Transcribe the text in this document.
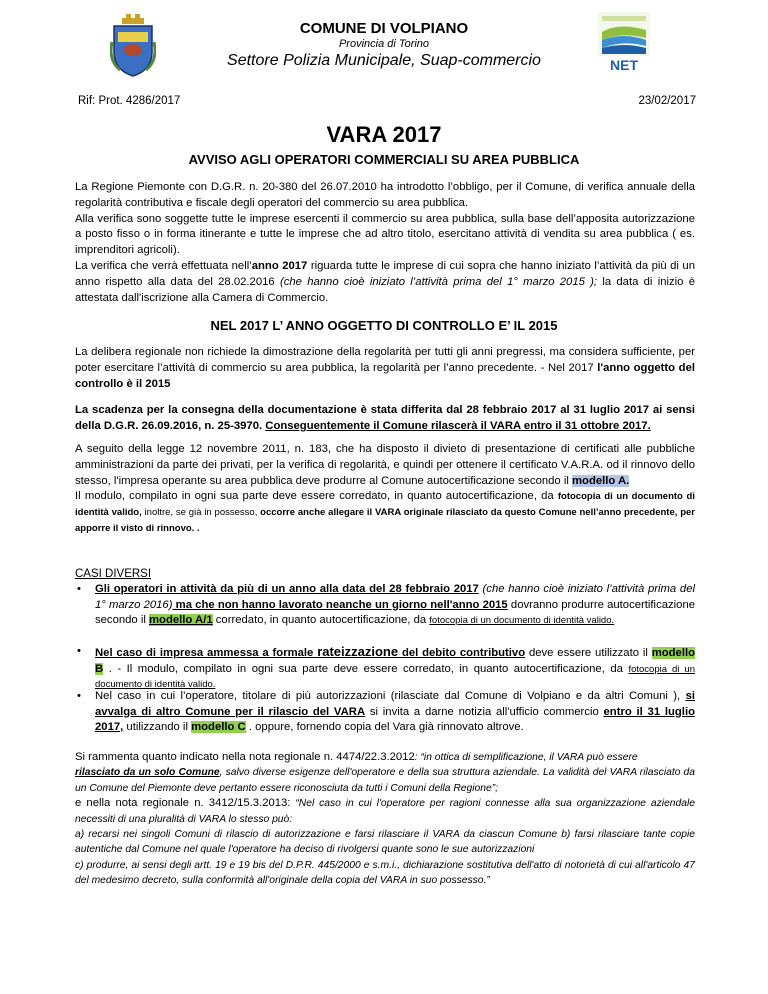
NET
COMUNE DI VOLPIANO
Provincia di Torino
Settore Polizia Municipale, Suap-commercio
Rif: Prot. 4286/2017	23/02/2017
VARA 2017
AVVISO AGLI OPERATORI COMMERCIALI SU AREA PUBBLICA
La Regione Piemonte con D.G.R. n. 20-380 del 26.07.2010 ha introdotto l’obbligo, per il Comune, di verifica annuale della regolarità contributiva e fiscale degli operatori del commercio su area pubblica.
Alla verifica sono soggette tutte le imprese esercenti il commercio su area pubblica, sulla base dell’apposita autorizzazione a posto fisso o in forma itinerante e tutte le imprese che ad altro titolo, esercitano attività di vendita su area pubblica ( es. imprenditori agricoli).
La verifica che verrà effettuata nell’anno 2017 riguarda tutte le imprese di cui sopra che hanno iniziato l’attività da più di un anno rispetto alla data del 28.02.2016 (che hanno cioè iniziato l’attività prima del 1° marzo 2015 ); la data di inizio è attestata dall'iscrizione alla Camera di Commercio.
NEL 2017 L’ ANNO OGGETTO DI CONTROLLO E’ IL 2015
La delibera regionale non richiede la dimostrazione della regolarità per tutti gli anni pregressi, ma considera sufficiente, per poter esercitare l’attività di commercio su area pubblica, la regolarità per l’anno precedente. - Nel 2017 l'anno oggetto del controllo è il 2015
La scadenza per la consegna della documentazione è stata differita dal 28 febbraio 2017 al 31 luglio 2017 ai sensi della D.G.R. 26.09.2016, n. 25-3970. Conseguentemente il Comune rilascerà il VARA entro il 31 ottobre 2017.
A seguito della legge 12 novembre 2011, n. 183, che ha disposto il divieto di presentazione di certificati alle pubbliche amministrazioni da parte dei privati, per la verifica di regolarità, e quindi per ottenere il certificato V.A.R.A. od il rinnovo dello stesso, l'impresa operante su area pubblica deve produrre al Comune autocertificazione secondo il modello A.
Il modulo, compilato in ogni sua parte deve essere corredato, in quanto autocertificazione, da fotocopia di un documento di identità valido, inoltre, se già in possesso, occorre anche allegare il VARA originale rilasciato da questo Comune nell’anno precedente, per apporre il visto di rinnovo. .
CASI DIVERSI
• Gli operatori in attività da più di un anno alla data del 28 febbraio 2017 (che hanno cioè iniziato l’attività prima del 1° marzo 2016) ma che non hanno lavorato neanche un giorno nell'anno 2015 dovranno produrre autocertificazione secondo il modello A/1 corredato, in quanto autocertificazione, da fotocopia di un documento di identità valido.
• Nel caso di impresa ammessa a formale rateizzazione del debito contributivo deve essere utilizzato il modello B . - Il modulo, compilato in ogni sua parte deve essere corredato, in quanto autocertificazione, da fotocopia di un documento di identità valido.
• Nel caso in cui l’operatore, titolare di più autorizzazioni (rilasciate dal Comune di Volpiano e da altri Comuni ), si avvalga di altro Comune per il rilascio del VARA si invita a darne notizia all'ufficio commercio entro il 31 luglio 2017, utilizzando il modello C . oppure, fornendo copia del Vara già rinnovato altrove.
Si rammenta quanto indicato nella nota regionale n. 4474/22.3.2012: “in ottica di semplificazione, il VARA può essere
rilasciato da un solo Comune, salvo diverse esigenze dell'operatore e della sua struttura aziendale. La validità del VARA rilasciato da un Comune del Piemonte deve pertanto essere riconosciuta da tutti i Comuni della Regione”;
e nella nota regionale n. 3412/15.3.2013: “Nel caso in cui l'operatore per ragioni connesse alla sua organizzazione aziendale necessiti di una pluralità di VARA lo stesso può:
a) recarsi nei singoli Comuni di rilascio di autorizzazione e farsi rilasciare il VARA da ciascun Comune b) farsi rilasciare tante copie autentiche dal Comune nel quale l'operatore ha deciso di rivolgersi quante sono le sue autorizzazioni
c) produrre, ai sensi degli artt. 19 e 19 bis del D.P.R. 445/2000 e s.m.i., dichiarazione sostitutiva dell'atto di notorietà di cui all'articolo 47 del medesimo decreto, sulla conformità all'originale della copia del VARA in suo possesso.”
